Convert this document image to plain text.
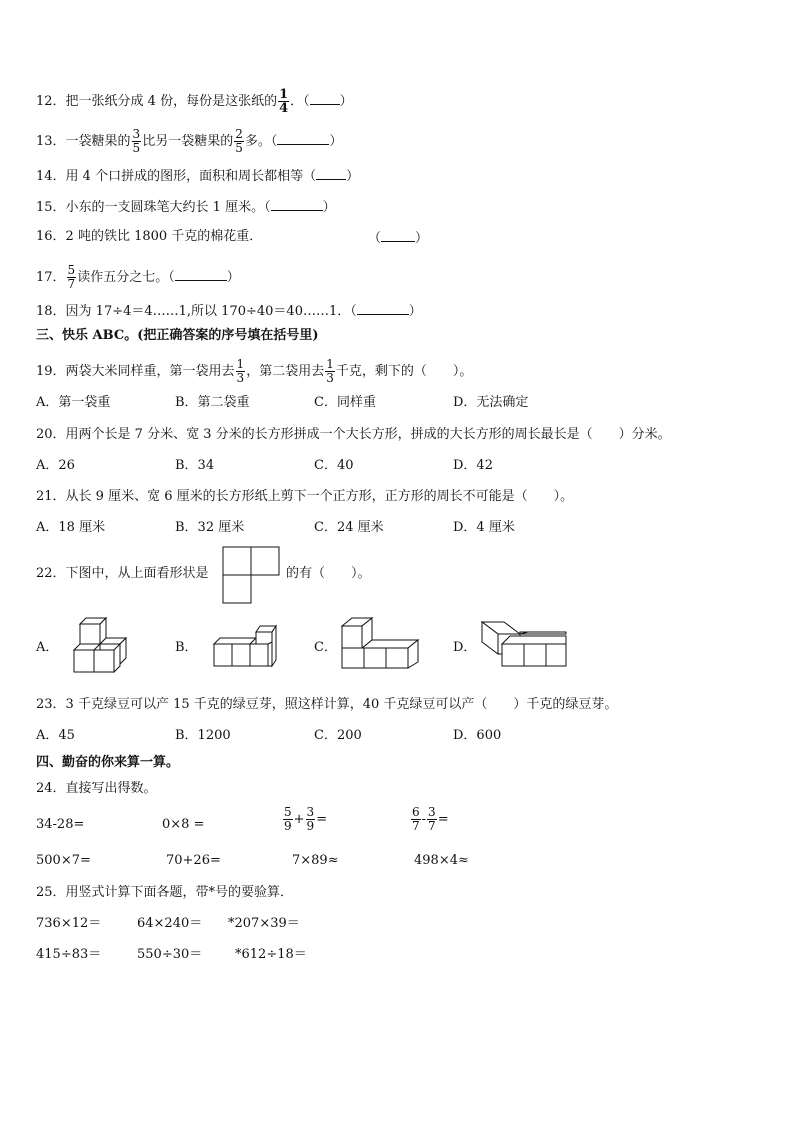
12．把一张纸分成 4 份，每份是这张纸的 $\frac{1}{4}$ ．（ ）
13．一袋糖果的 $\frac{3}{5}$ 比另一袋糖果的 $\frac{2}{5}$ 多。（	）
14．用 4 个口拼成的图形，面积和周长都相等（ ）
15．小东的一支圆珠笔大约长 1 厘米。（	）
16．2 吨的铁比 1800 千克的棉花重．	（	）
17． $\frac{5}{7}$ 读作五分之七。（	）
18．因为 17÷4＝4……1,所以 170÷40＝40……1．（	）
三、快乐 ABC。(把正确答案的序号填在括号里)
19．两袋大米同样重，第一袋用去 $\frac{1}{3}$ ，第二袋用去 $\frac{1}{3}$ 千克，剩下的（　　）。
A．第一袋重	B．第二袋重	C．同样重	D．无法确定
20．用两个长是 7 分米、宽 3 分米的长方形拼成一个大长方形，拼成的大长方形的周长最长是（　　）分米。
A．26	B．34	C．40	D．42
21．从长 9 厘米、宽 6 厘米的长方形纸上剪下一个正方形，正方形的周长不可能是（　　）。
A．18 厘米	B．32 厘米	C．24 厘米	D．4 厘米
22．下图中，从上面看形状是	的有（　　）。
A．	B．	C．	D．
23．3 千克绿豆可以产 15 千克的绿豆芽，照这样计算，40 千克绿豆可以产（　　）千克的绿豆芽。
A．45	B．1200	C．200	D．600
四、勤奋的你来算一算。
24．直接写出得数。
34-28=	0×8 =	$\frac{5}{9} + \frac{3}{9}$ =	$\frac{6}{7} - \frac{3}{7}$ =
500×7=	70+26=	7×89≈	498×4≈
25．用竖式计算下面各题，带*号的要验算．
736×12＝	64×240＝ *207×39＝
415÷83＝	550÷30＝	*612÷18＝
